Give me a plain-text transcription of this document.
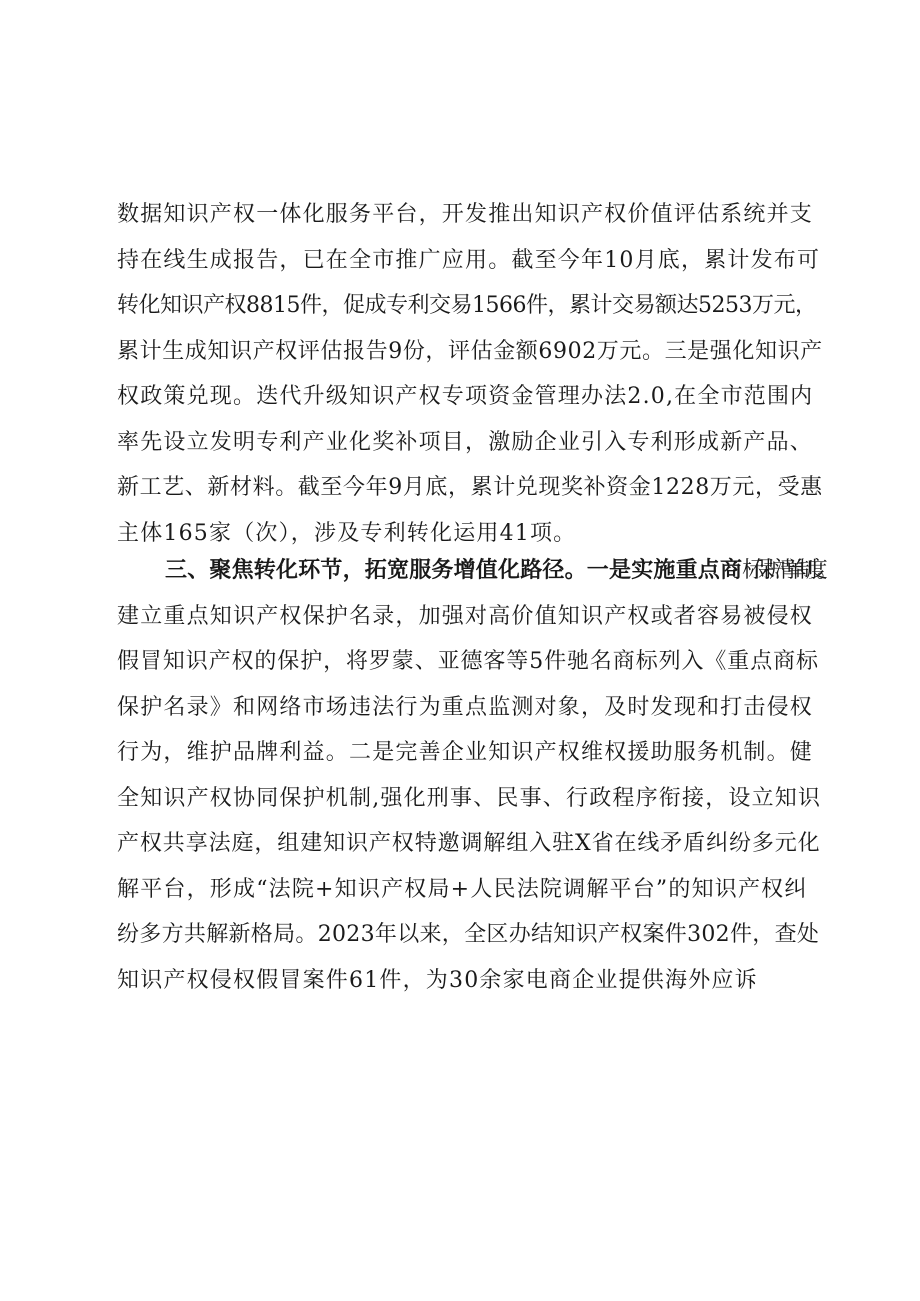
数据知识产权一体化服务平台，开发推出知识产权价值评估系统并支
持在线生成报告，已在全市推广应用。截至今年10月底，累计发布可
转化知识产权8815件，促成专利交易1566件，累计交易额达5253万元，
累计生成知识产权评估报告9份，评估金额6902万元。三是强化知识产
权政策兑现。迭代升级知识产权专项资金管理办法2.0,在全市范围内
率先设立发明专利产业化奖补项目，激励企业引入专利形成新产品、
新工艺、新材料。截至今年9月底，累计兑现奖补资金1228万元，受惠
主体165家（次），涉及专利转化运用41项。
三、聚焦转化环节，拓宽服务增值化路径。一是实施重点商标保护清单制度。
建立重点知识产权保护名录，加强对高价值知识产权或者容易被侵权
假冒知识产权的保护，将罗蒙、亚德客等5件驰名商标列入《重点商标
保护名录》和网络市场违法行为重点监测对象，及时发现和打击侵权
行为，维护品牌利益。二是完善企业知识产权维权援助服务机制。健
全知识产权协同保护机制,强化刑事、民事、行政程序衔接，设立知识
产权共享法庭，组建知识产权特邀调解组入驻X省在线矛盾纠纷多元化
解平台，形成“法院+知识产权局+人民法院调解平台”的知识产权纠
纷多方共解新格局。2023年以来，全区办结知识产权案件302件，查处
知识产权侵权假冒案件61件，为30余家电商企业提供海外应诉
